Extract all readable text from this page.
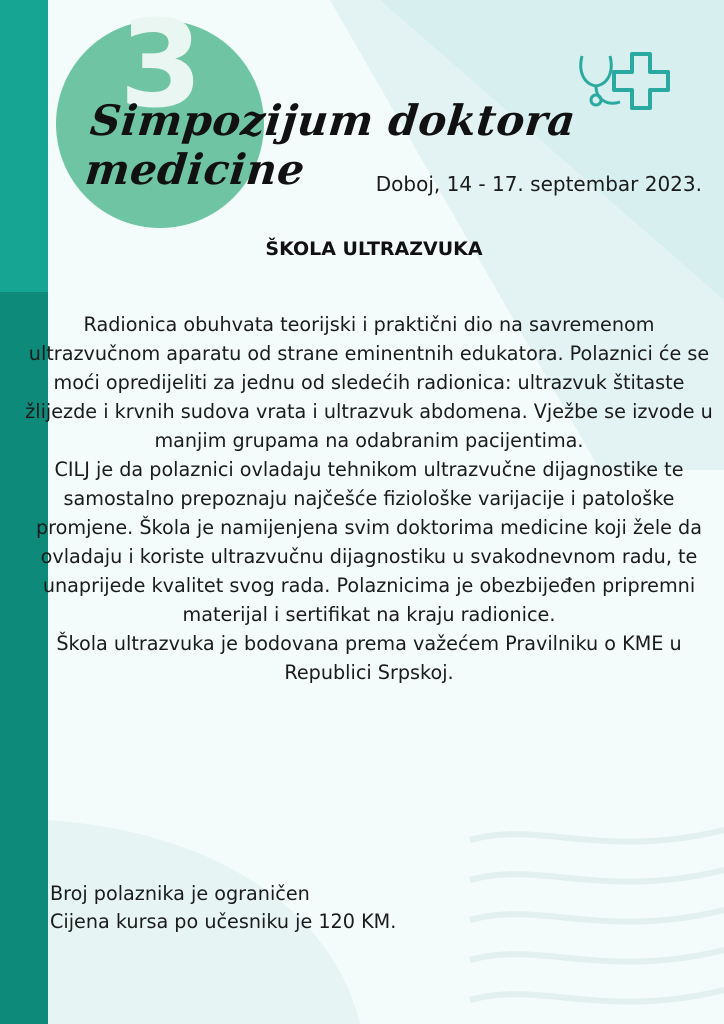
3
Simpozijum doktora medicine	Doboj, 14 - 17. septembar 2023.
ŠKOLA ULTRAZVUKA

Radionica obuhvata teorijski i praktični dio na savremenom ultrazvučnom aparatu od strane eminentnih edukatora. Polaznici će se moći opredijeliti za jednu od sledećih radionica: ultrazvuk štitaste žlijezde i krvnih sudova vrata i ultrazvuk abdomena. Vježbe se izvode u manjim grupama na odabranim pacijentima.

CILJ je da polaznici ovladaju tehnikom ultrazvučne dijagnostike te samostalno prepoznaju najčešće fiziološke varijacije i patološke promjene. Škola je namijenjena svim doktorima medicine koji žele da ovladaju i koriste ultrazvučnu dijagnostiku u svakodnevnom radu, te unaprijede kvalitet svog rada. Polaznicima je obezbijeđen pripremni materijal i sertifikat na kraju radionice.

Škola ultrazvuka je bodovana prema važećem Pravilniku o KME u Republici Srpskoj.

Broj polaznika je ograničen
Cijena kursa po učesniku je 120 KM.
